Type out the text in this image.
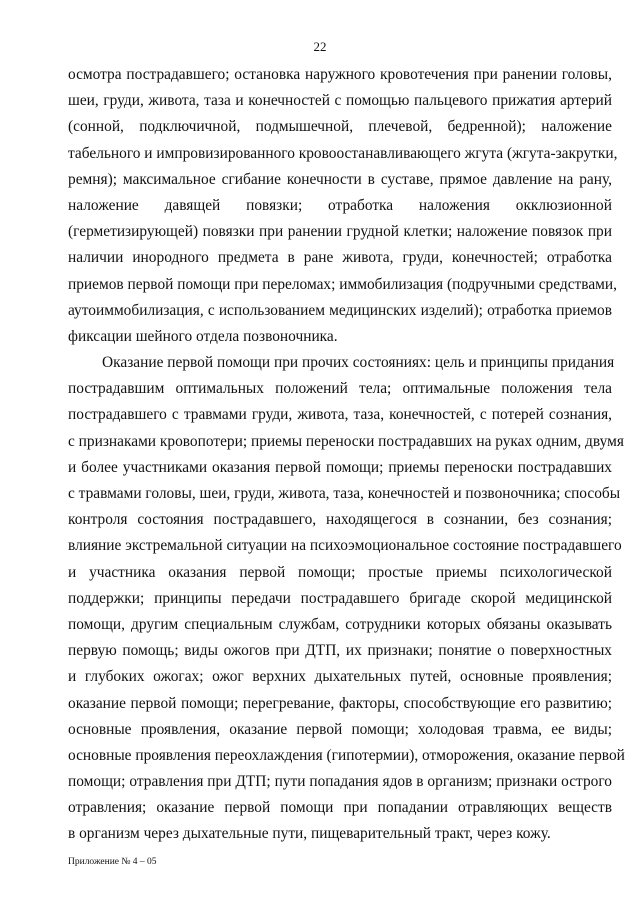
22
осмотра пострадавшего; остановка наружного кровотечения при ранении головы,
шеи, груди, живота, таза и конечностей с помощью пальцевого прижатия артерий
(сонной, подключичной, подмышечной, плечевой, бедренной); наложение
табельного и импровизированного кровоостанавливающего жгута (жгута-закрутки,
ремня); максимальное сгибание конечности в суставе, прямое давление на рану,
наложение давящей повязки; отработка наложения окклюзионной
(герметизирующей) повязки при ранении грудной клетки; наложение повязок при
наличии инородного предмета в ране живота, груди, конечностей; отработка
приемов первой помощи при переломах; иммобилизация (подручными средствами,
аутоиммобилизация, с использованием медицинских изделий); отработка приемов
фиксации шейного отдела позвоночника.
Оказание первой помощи при прочих состояниях: цель и принципы придания
пострадавшим оптимальных положений тела; оптимальные положения тела
пострадавшего с травмами груди, живота, таза, конечностей, с потерей сознания,
с признаками кровопотери; приемы переноски пострадавших на руках одним, двумя
и более участниками оказания первой помощи; приемы переноски пострадавших
с травмами головы, шеи, груди, живота, таза, конечностей и позвоночника; способы
контроля состояния пострадавшего, находящегося в сознании, без сознания;
влияние экстремальной ситуации на психоэмоциональное состояние пострадавшего
и участника оказания первой помощи; простые приемы психологической
поддержки; принципы передачи пострадавшего бригаде скорой медицинской
помощи, другим специальным службам, сотрудники которых обязаны оказывать
первую помощь; виды ожогов при ДТП, их признаки; понятие о поверхностных
и глубоких ожогах; ожог верхних дыхательных путей, основные проявления;
оказание первой помощи; перегревание, факторы, способствующие его развитию;
основные проявления, оказание первой помощи; холодовая травма, ее виды;
основные проявления переохлаждения (гипотермии), отморожения, оказание первой
помощи; отравления при ДТП; пути попадания ядов в организм; признаки острого
отравления; оказание первой помощи при попадании отравляющих веществ
в организм через дыхательные пути, пищеварительный тракт, через кожу.
Приложение № 4 – 05
